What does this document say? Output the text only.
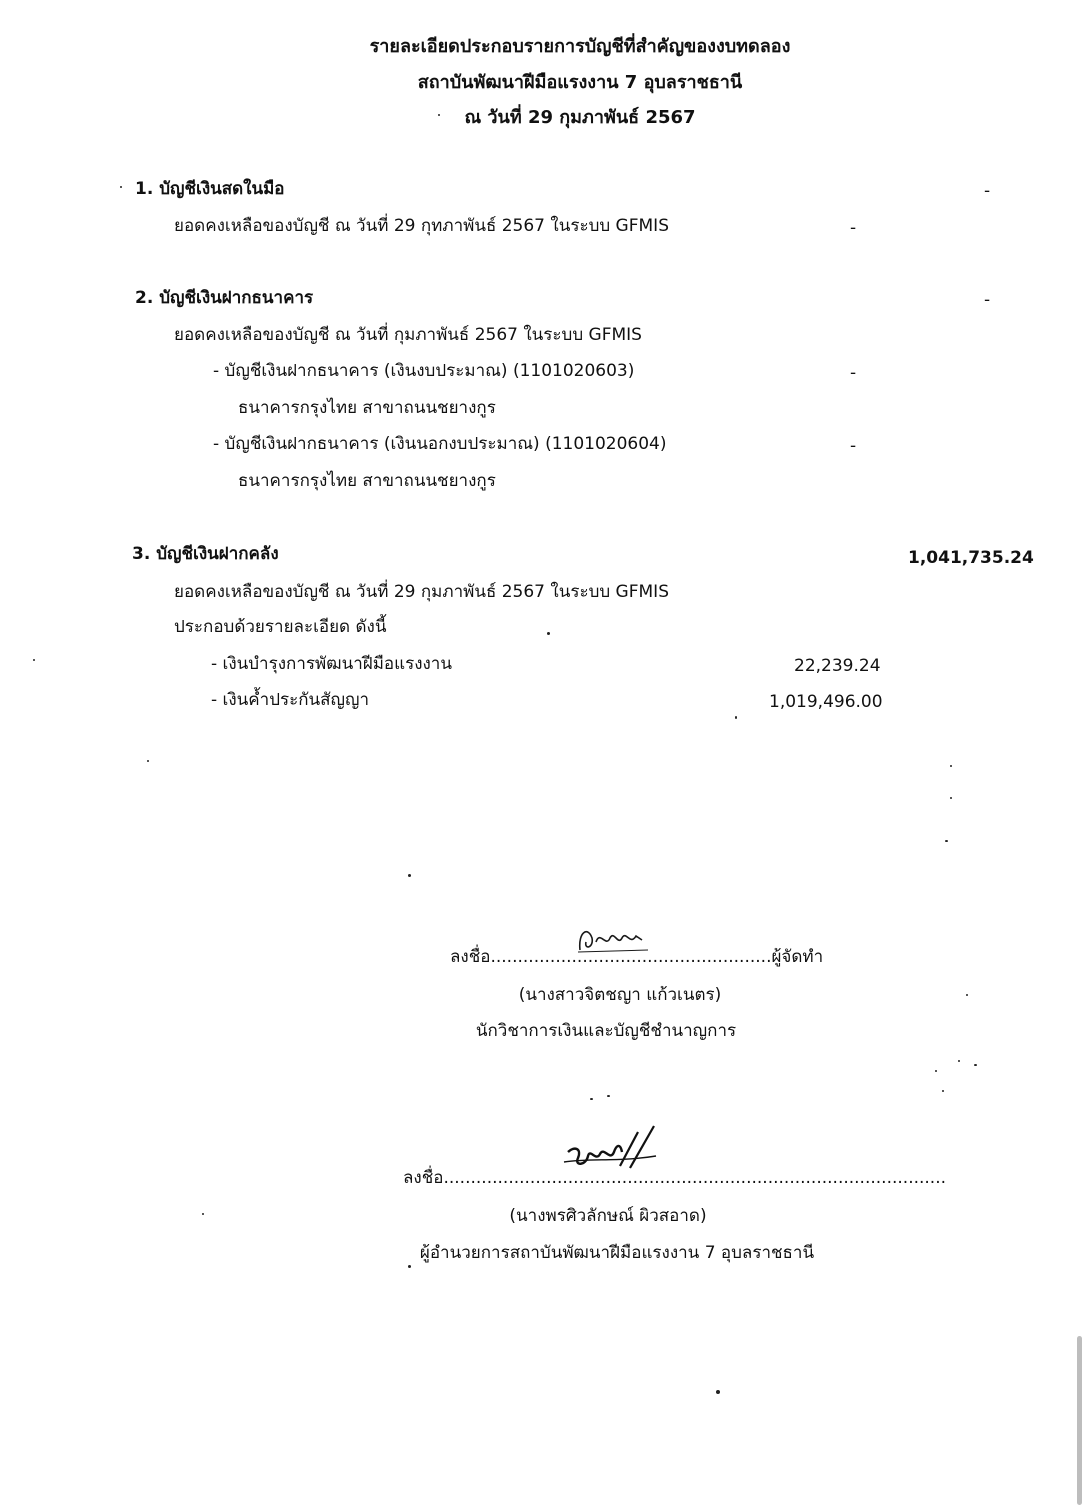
รายละเอียดประกอบรายการบัญชีที่สำคัญของงบทดลอง
สถาบันพัฒนาฝีมือแรงงาน 7 อุบลราชธานี
ณ วันที่ 29 กุมภาพันธ์ 2567
1. บัญชีเงินสดในมือ	-
ยอดคงเหลือของบัญชี ณ วันที่ 29 กุทภาพันธ์ 2567 ในระบบ GFMIS	-
2. บัญชีเงินฝากธนาคาร	-
ยอดคงเหลือของบัญชี ณ วันที่ กุมภาพันธ์ 2567 ในระบบ GFMIS
- บัญชีเงินฝากธนาคาร (เงินงบประมาณ) (1101020603)	-
ธนาคารกรุงไทย สาขาถนนชยางกูร
- บัญชีเงินฝากธนาคาร (เงินนอกงบประมาณ) (1101020604)	-
ธนาคารกรุงไทย สาขาถนนชยางกูร
3. บัญชีเงินฝากคลัง	1,041,735.24
ยอดคงเหลือของบัญชี ณ วันที่ 29 กุมภาพันธ์ 2567 ในระบบ GFMIS
ประกอบด้วยรายละเอียด ดังนี้
- เงินบำรุงการพัฒนาฝีมือแรงงาน	22,239.24
- เงินค้ำประกันสัญญา	1,019,496.00
ลงชื่อ....................................................ผู้จัดทำ
(นางสาวจิตชญา แก้วเนตร)
นักวิชาการเงินและบัญชีชำนาญการ
ลงชื่อ.............................................................................................
(นางพรศิวลักษณ์ ผิวสอาด)
ผู้อำนวยการสถาบันพัฒนาฝีมือแรงงาน 7 อุบลราชธานี
